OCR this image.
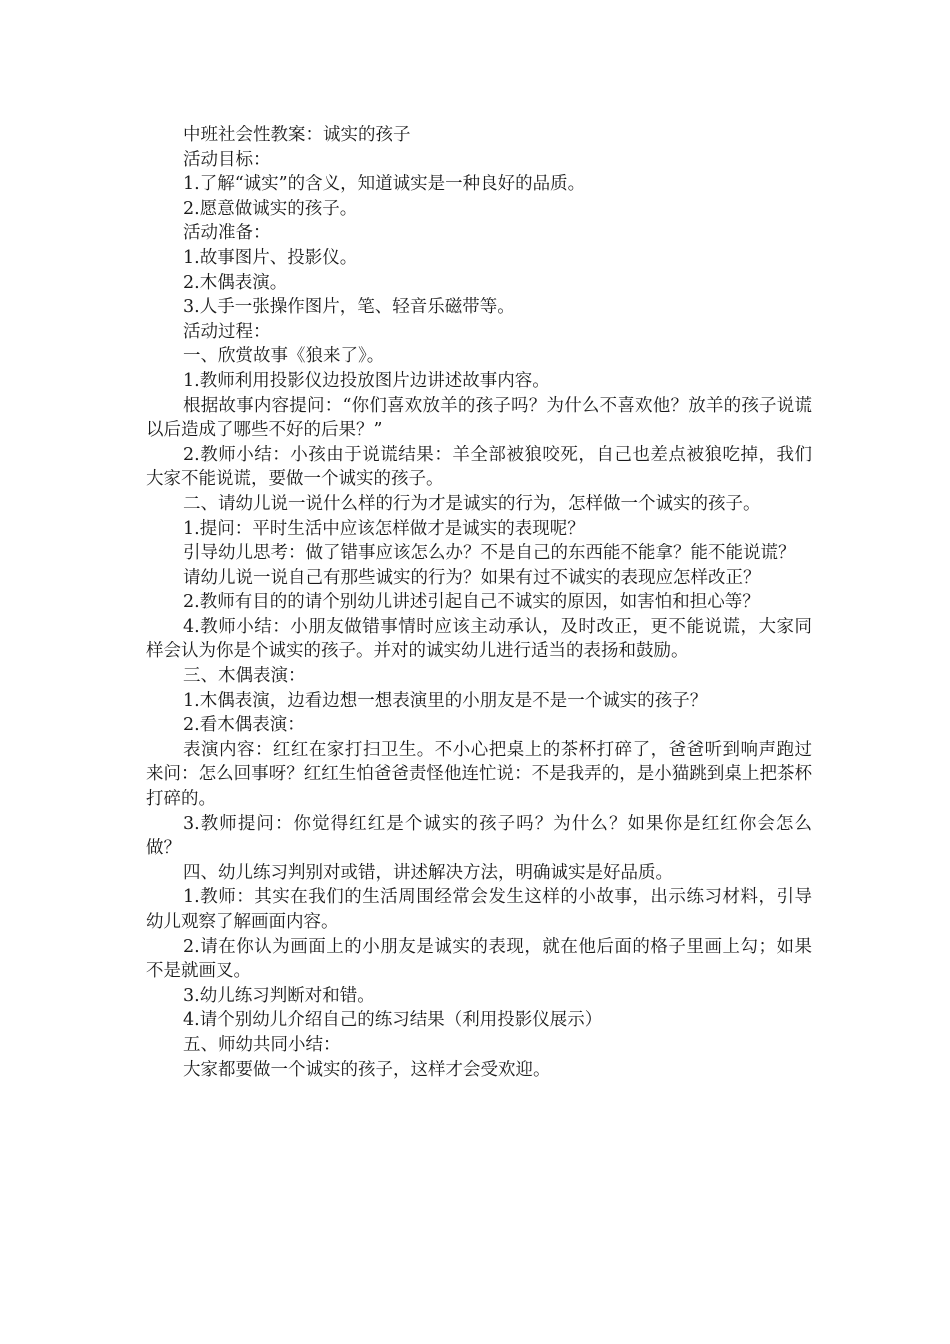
中班社会性教案：诚实的孩子

活动目标：

1.了解“诚实”的含义，知道诚实是一种良好的品质。

2.愿意做诚实的孩子。

活动准备：

1.故事图片、投影仪。

2.木偶表演。

3.人手一张操作图片，笔、轻音乐磁带等。

活动过程：

一、欣赏故事《狼来了》。

1.教师利用投影仪边投放图片边讲述故事内容。

根据故事内容提问：“你们喜欢放羊的孩子吗？为什么不喜欢他？放羊的孩子说谎以后造成了哪些不好的后果？”

2.教师小结：小孩由于说谎结果：羊全部被狼咬死，自己也差点被狼吃掉，我们大家不能说谎，要做一个诚实的孩子。

二、请幼儿说一说什么样的行为才是诚实的行为，怎样做一个诚实的孩子。

1.提问：平时生活中应该怎样做才是诚实的表现呢？

引导幼儿思考：做了错事应该怎么办？不是自己的东西能不能拿？能不能说谎？

请幼儿说一说自己有那些诚实的行为？如果有过不诚实的表现应怎样改正？

2.教师有目的的请个别幼儿讲述引起自己不诚实的原因，如害怕和担心等？

4.教师小结：小朋友做错事情时应该主动承认，及时改正，更不能说谎，大家同样会认为你是个诚实的孩子。并对的诚实幼儿进行适当的表扬和鼓励。

三、木偶表演：

1.木偶表演，边看边想一想表演里的小朋友是不是一个诚实的孩子？

2.看木偶表演：

表演内容：红红在家打扫卫生。不小心把桌上的茶杯打碎了，爸爸听到响声跑过来问：怎么回事呀？红红生怕爸爸责怪他连忙说：不是我弄的，是小猫跳到桌上把茶杯打碎的。

3.教师提问：你觉得红红是个诚实的孩子吗？为什么？如果你是红红你会怎么做？

四、幼儿练习判别对或错，讲述解决方法，明确诚实是好品质。

1.教师：其实在我们的生活周围经常会发生这样的小故事，出示练习材料，引导幼儿观察了解画面内容。

2.请在你认为画面上的小朋友是诚实的表现，就在他后面的格子里画上勾；如果不是就画叉。

3.幼儿练习判断对和错。

4.请个别幼儿介绍自己的练习结果（利用投影仪展示）

五、师幼共同小结：

大家都要做一个诚实的孩子，这样才会受欢迎。
